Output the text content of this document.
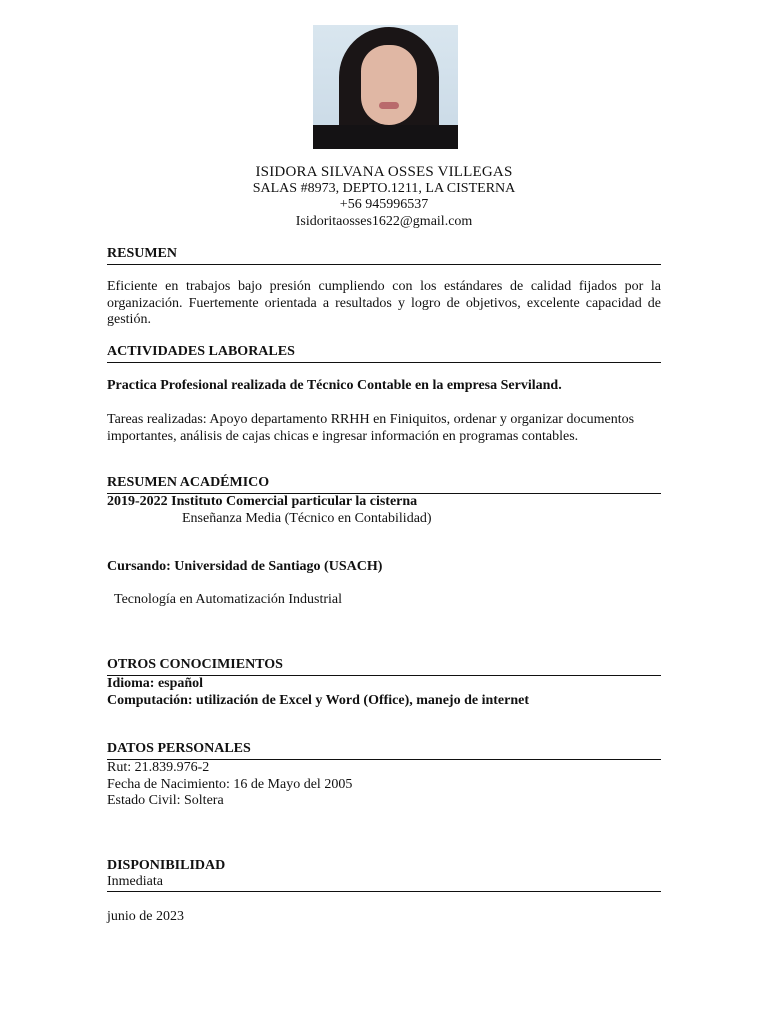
ISIDORA SILVANA OSSES VILLEGAS
SALAS #8973, DEPTO.1211, LA CISTERNA
+56 945996537
Isidoritaosses1622@gmail.com
RESUMEN
Eficiente en trabajos bajo presión cumpliendo con los estándares de calidad fijados por la organización. Fuertemente orientada a resultados y logro de objetivos, excelente capacidad de gestión.
ACTIVIDADES LABORALES
Practica Profesional realizada de Técnico Contable en la empresa Serviland.
Tareas realizadas: Apoyo departamento RRHH en Finiquitos, ordenar y organizar documentos importantes, análisis de cajas chicas e ingresar información en programas contables.
RESUMEN ACADÉMICO
2019-2022 Instituto Comercial particular la cisterna
Enseñanza Media (Técnico en Contabilidad)
Cursando: Universidad de Santiago (USACH)
Tecnología en Automatización Industrial
OTROS CONOCIMIENTOS
Idioma: español
Computación: utilización de Excel y Word (Office), manejo de internet
DATOS PERSONALES
Rut: 21.839.976-2
Fecha de Nacimiento: 16 de Mayo del 2005
Estado Civil: Soltera
DISPONIBILIDAD
Inmediata
junio de 2023
